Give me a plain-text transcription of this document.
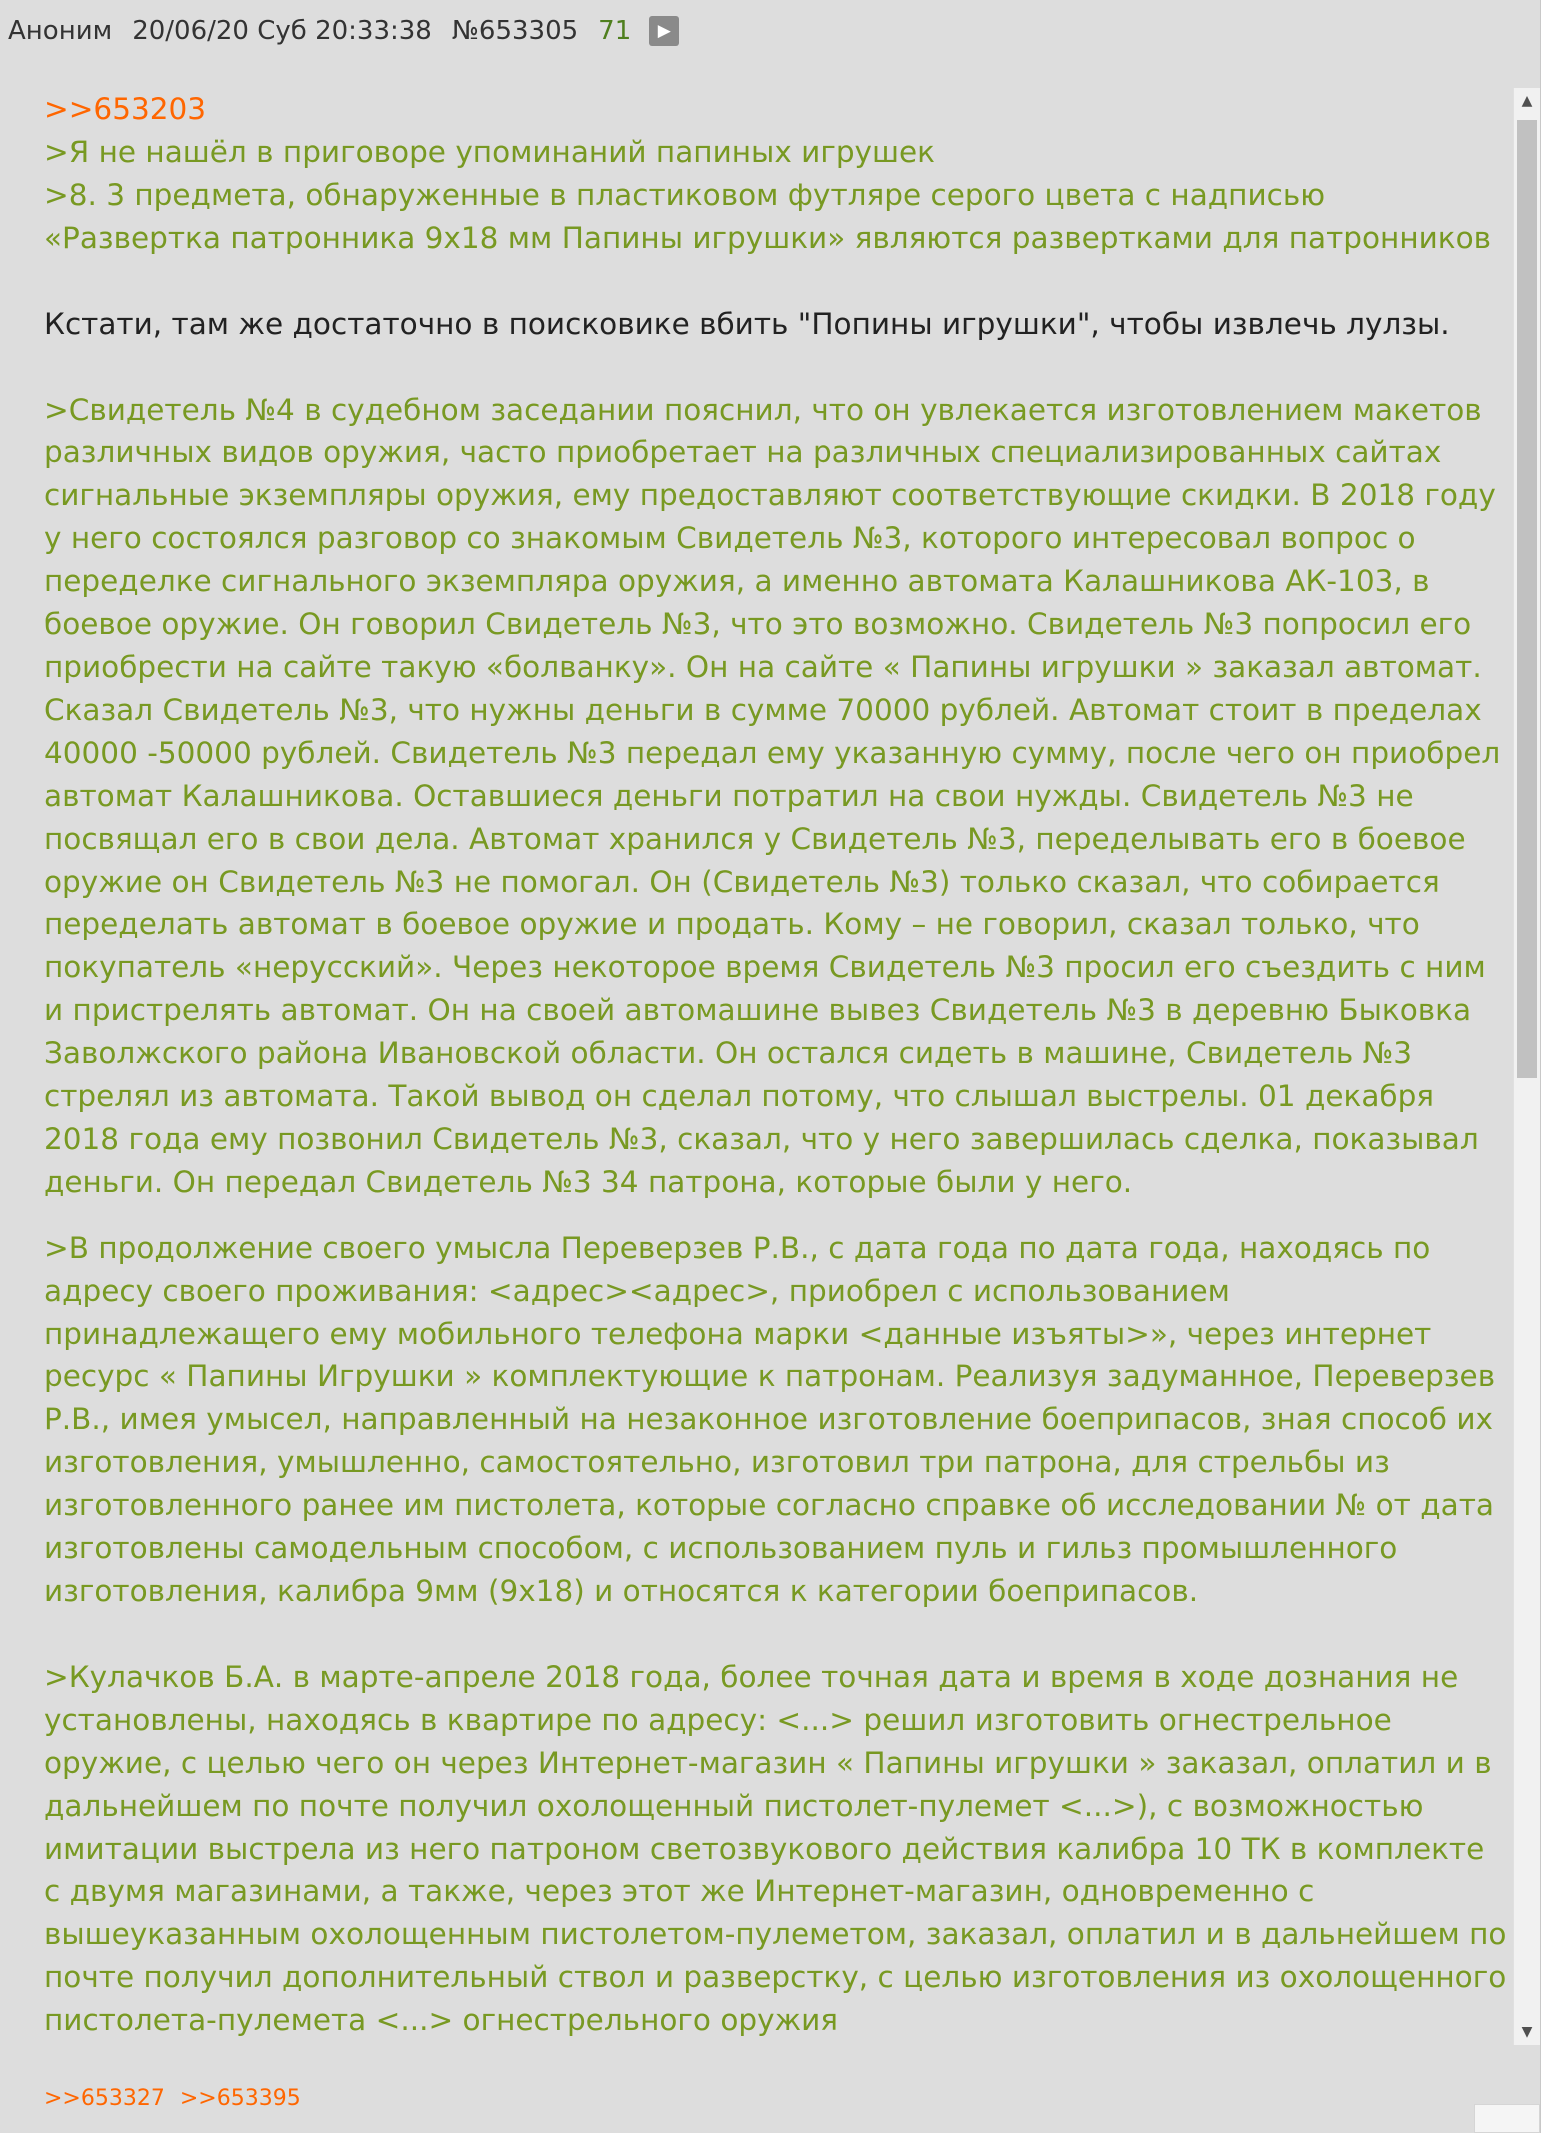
Аноним 20/06/20 Суб 20:33:38 №653305 71 ▶
>>653203

>Я не нашёл в приговоре упоминаний папиных игрушек

>8. 3 предмета, обнаруженные в пластиковом футляре серого цвета с надписью «Развертка патронника 9х18 мм Папины игрушки» являются развертками для патронников

Кстати, там же достаточно в поисковике вбить "Попины игрушки", чтобы извлечь лулзы.

>Свидетель №4 в судебном заседании пояснил, что он увлекается изготовлением макетов различных видов оружия, часто приобретает на различных специализированных сайтах сигнальные экземпляры оружия, ему предоставляют соответствующие скидки. В 2018 году у него состоялся разговор со знакомым Свидетель №3, которого интересовал вопрос о переделке сигнального экземпляра оружия, а именно автомата Калашникова АК-103, в боевое оружие. Он говорил Свидетель №3, что это возможно. Свидетель №3 попросил его приобрести на сайте такую «болванку». Он на сайте « Папины игрушки » заказал автомат. Сказал Свидетель №3, что нужны деньги в сумме 70000 рублей. Автомат стоит в пределах 40000 -50000 рублей. Свидетель №3 передал ему указанную сумму, после чего он приобрел автомат Калашникова. Оставшиеся деньги потратил на свои нужды. Свидетель №3 не посвящал его в свои дела. Автомат хранился у Свидетель №3, переделывать его в боевое оружие он Свидетель №3 не помогал. Он (Свидетель №3) только сказал, что собирается переделать автомат в боевое оружие и продать. Кому – не говорил, сказал только, что покупатель «нерусский». Через некоторое время Свидетель №3 просил его съездить с ним и пристрелять автомат. Он на своей автомашине вывез Свидетель №3 в деревню Быковка Заволжского района Ивановской области. Он остался сидеть в машине, Свидетель №3 стрелял из автомата. Такой вывод он сделал потому, что слышал выстрелы. 01 декабря 2018 года ему позвонил Свидетель №3, сказал, что у него завершилась сделка, показывал деньги. Он передал Свидетель №3 34 патрона, которые были у него.

>В продолжение своего умысла Переверзев Р.В., с дата года по дата года, находясь по адресу своего проживания: <адрес><адрес>, приобрел с использованием принадлежащего ему мобильного телефона марки <данные изъяты>», через интернет ресурс « Папины Игрушки » комплектующие к патронам. Реализуя задуманное, Переверзев Р.В., имея умысел, направленный на незаконное изготовление боеприпасов, зная способ их изготовления, умышленно, самостоятельно, изготовил три патрона, для стрельбы из изготовленного ранее им пистолета, которые согласно справке об исследовании № от дата изготовлены самодельным способом, с использованием пуль и гильз промышленного изготовления, калибра 9мм (9х18) и относятся к категории боеприпасов.

>Кулачков Б.А. в марте-апреле 2018 года, более точная дата и время в ходе дознания не установлены, находясь в квартире по адресу: <...> решил изготовить огнестрельное оружие, с целью чего он через Интернет-магазин « Папины игрушки » заказал, оплатил и в дальнейшем по почте получил охолощенный пистолет-пулемет <...>), с возможностью имитации выстрела из него патроном светозвукового действия калибра 10 ТК в комплекте с двумя магазинами, а также, через этот же Интернет-магазин, одновременно с вышеуказанным охолощенным пистолетом-пулеметом, заказал, оплатил и в дальнейшем по почте получил дополнительный ствол и разверстку, с целью изготовления из охолощенного пистолета-пулемета <...> огнестрельного оружия

▲
▼
>>653327 >>653395
